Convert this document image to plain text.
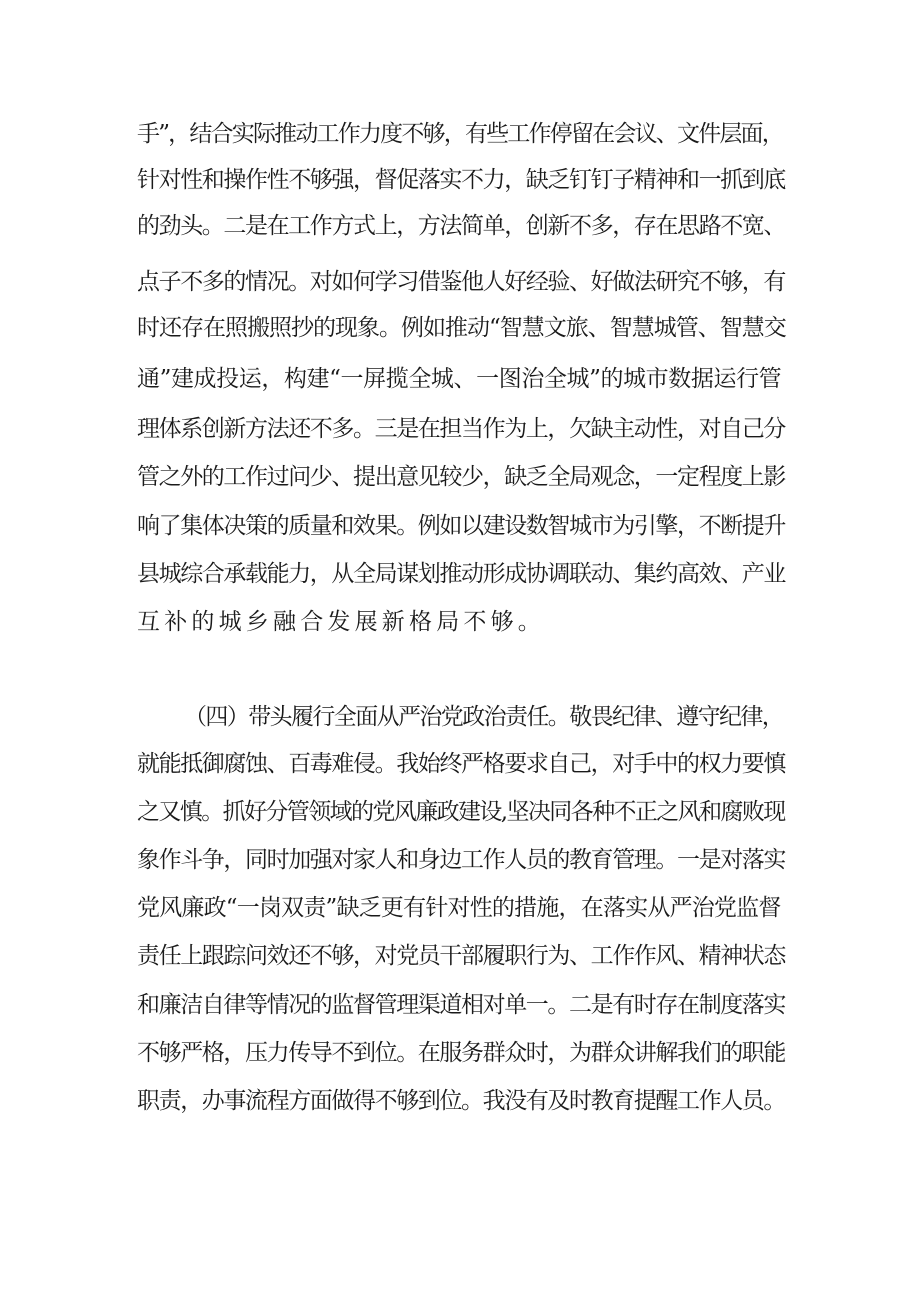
手”，结合实际推动工作力度不够，有些工作停留在会议、文件层面，
针对性和操作性不够强，督促落实不力，缺乏钉钉子精神和一抓到底
的劲头。二是在工作方式上，方法简单，创新不多，存在思路不宽、
点子不多的情况。对如何学习借鉴他人好经验、好做法研究不够，有
时还存在照搬照抄的现象。例如推动“智慧文旅、智慧城管、智慧交
通”建成投运，构建“一屏揽全城、一图治全城”的城市数据运行管
理体系创新方法还不多。三是在担当作为上，欠缺主动性，对自己分
管之外的工作过问少、提出意见较少，缺乏全局观念，一定程度上影
响了集体决策的质量和效果。例如以建设数智城市为引擎，不断提升
县城综合承载能力，从全局谋划推动形成协调联动、集约高效、产业
互补的城乡融合发展新格局不够。
（四）带头履行全面从严治党政治责任。敬畏纪律、遵守纪律，
就能抵御腐蚀、百毒难侵。我始终严格要求自己，对手中的权力要慎
之又慎。抓好分管领域的党风廉政建设,坚决同各种不正之风和腐败现
象作斗争，同时加强对家人和身边工作人员的教育管理。一是对落实
党风廉政“一岗双责”缺乏更有针对性的措施，在落实从严治党监督
责任上跟踪问效还不够，对党员干部履职行为、工作作风、精神状态
和廉洁自律等情况的监督管理渠道相对单一。二是有时存在制度落实
不够严格，压力传导不到位。在服务群众时，为群众讲解我们的职能
职责，办事流程方面做得不够到位。我没有及时教育提醒工作人员。
